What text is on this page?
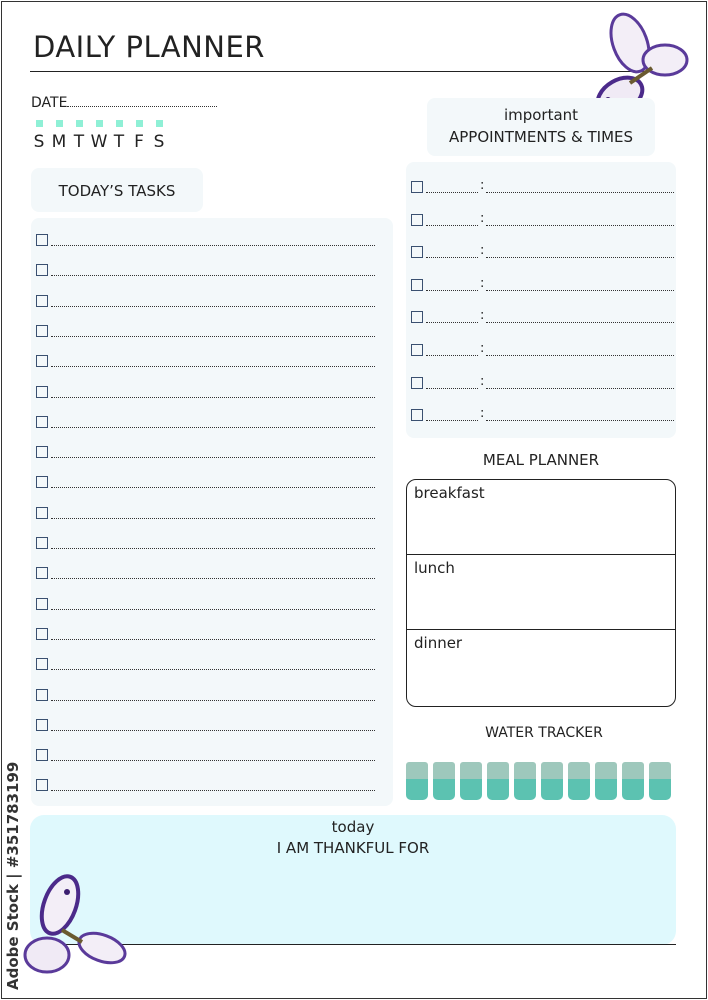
DAILY PLANNER
DATE
S M T W T F S
TODAY’S TASKS
important
APPOINTMENTS & TIMES
:
:
:
:
:
:
:
:
MEAL PLANNER
breakfast
lunch
dinner
WATER TRACKER
today
I AM THANKFUL FOR
Adobe Stock | #351783199
